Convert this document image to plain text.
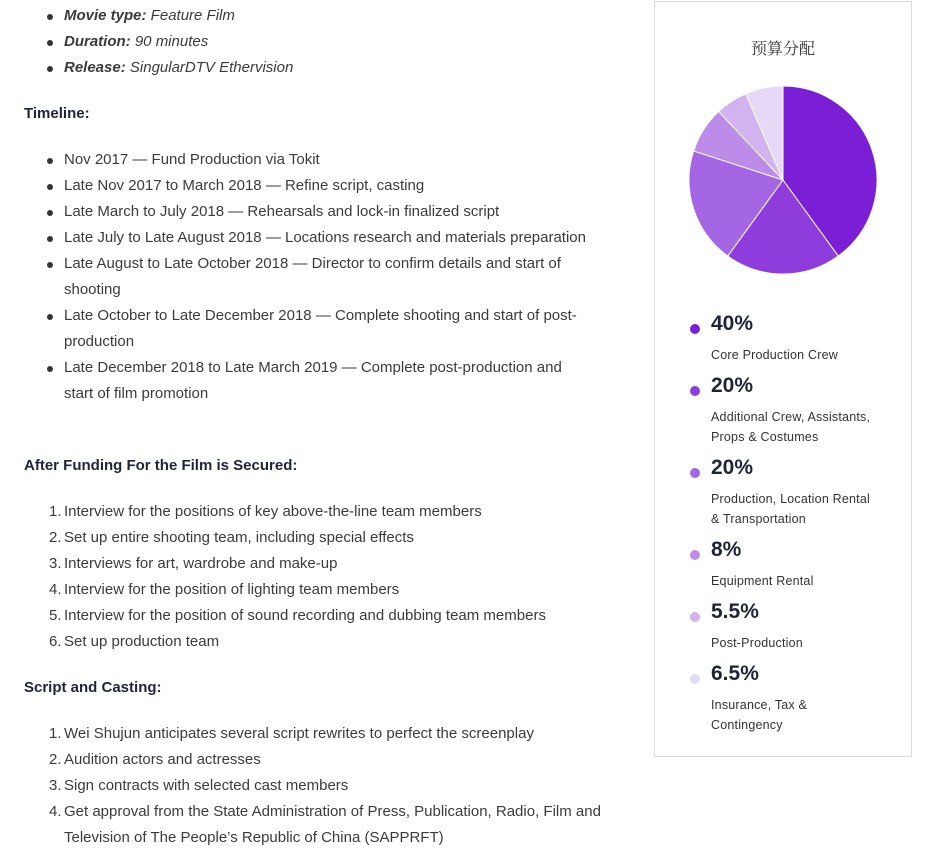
Movie type: Feature Film
Duration: 90 minutes
Release: SingularDTV Ethervision
Timeline:
Nov 2017 — Fund Production via Tokit
Late Nov 2017 to March 2018 — Refine script, casting
Late March to July 2018 — Rehearsals and lock-in finalized script
Late July to Late August 2018 — Locations research and materials preparation
Late August to Late October 2018 — Director to confirm details and start of shooting
Late October to Late December 2018 — Complete shooting and start of post-production
Late December 2018 to Late March 2019 — Complete post-production and start of film promotion
After Funding For the Film is Secured:
1. Interview for the positions of key above-the-line team members
2. Set up entire shooting team, including special effects
3. Interviews for art, wardrobe and make-up
4. Interview for the position of lighting team members
5. Interview for the position of sound recording and dubbing team members
6. Set up production team
Script and Casting:
1. Wei Shujun anticipates several script rewrites to perfect the screenplay
2. Audition actors and actresses
3. Sign contracts with selected cast members
4. Get approval from the State Administration of Press, Publication, Radio, Film and Television of The People’s Republic of China (SAPPRFT)
预算分配
40%
Core Production Crew
20%
Additional Crew, Assistants, Props & Costumes
20%
Production, Location Rental & Transportation
8%
Equipment Rental
5.5%
Post-Production
6.5%
Insurance, Tax & Contingency
